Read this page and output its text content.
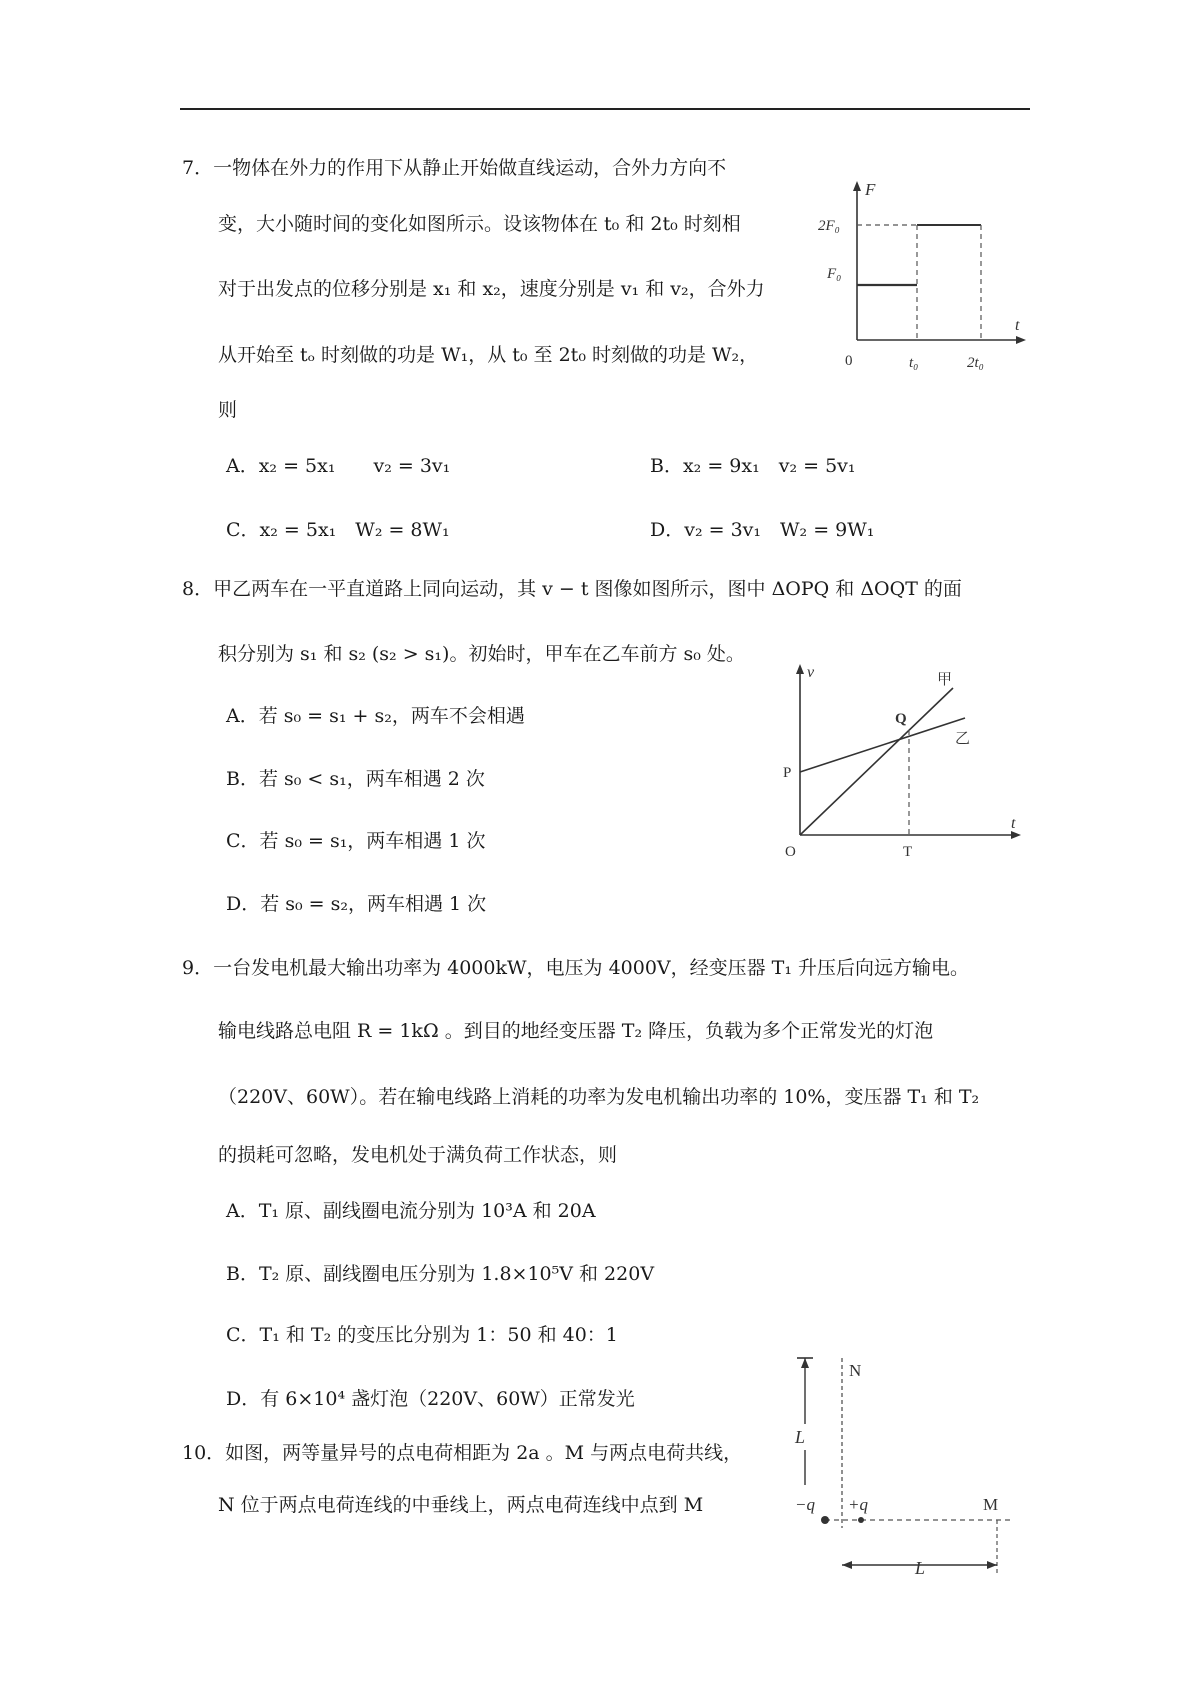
7．一物体在外力的作用下从静止开始做直线运动，合外力方向不
变，大小随时间的变化如图所示。设该物体在 t₀ 和 2t₀ 时刻相
对于出发点的位移分别是 x₁ 和 x₂，速度分别是 v₁ 和 v₂，合外力
从开始至 tₒ 时刻做的功是 W₁，从 t₀ 至 2t₀ 时刻做的功是 W₂，
则
A．x₂ = 5x₁　　v₂ = 3v₁	B．x₂ = 9x₁　v₂ = 5v₁
C．x₂ = 5x₁　W₂ = 8W₁	D．v₂ = 3v₁　W₂ = 9W₁
F
t
0
2F₀
F₀
t₀	2t₀
8．甲乙两车在一平直道路上同向运动，其 v − t 图像如图所示，图中 ΔOPQ 和 ΔOQT 的面
积分别为 s₁ 和 s₂ (s₂ > s₁)。初始时，甲车在乙车前方 s₀ 处。
A．若 s₀ = s₁ + s₂，两车不会相遇
B．若 s₀ < s₁，两车相遇 2 次
C．若 s₀ = s₁，两车相遇 1 次
D．若 s₀ = s₂，两车相遇 1 次
v
t
O
P
Q
T
甲
乙
9．一台发电机最大输出功率为 4000kW，电压为 4000V，经变压器 T₁ 升压后向远方输电。
输电线路总电阻 R = 1kΩ 。到目的地经变压器 T₂ 降压，负载为多个正常发光的灯泡
（220V、60W）。若在输电线路上消耗的功率为发电机输出功率的 10%，变压器 T₁ 和 T₂
的损耗可忽略，发电机处于满负荷工作状态，则
A．T₁ 原、副线圈电流分别为 10³A 和 20A
B．T₂ 原、副线圈电压分别为 1.8×10⁵V 和 220V
C．T₁ 和 T₂ 的变压比分别为 1：50 和 40：1
D．有 6×10⁴ 盏灯泡（220V、60W）正常发光
10．如图，两等量异号的点电荷相距为 2a 。M 与两点电荷共线，
N 位于两点电荷连线的中垂线上，两点电荷连线中点到 M
N
L
−q +q	M
L
